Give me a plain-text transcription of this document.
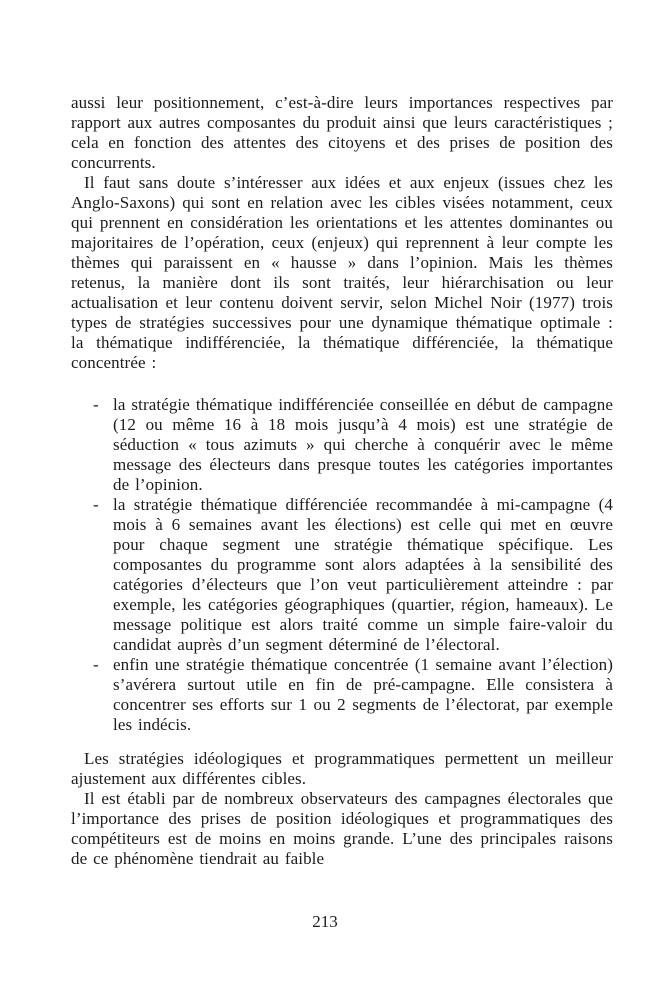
aussi leur positionnement, c’est-à-dire leurs importances respectives par rapport aux autres composantes du produit ainsi que leurs caractéristiques ; cela en fonction des attentes des citoyens et des prises de position des concurrents.

Il faut sans doute s’intéresser aux idées et aux enjeux (issues chez les Anglo-Saxons) qui sont en relation avec les cibles visées notamment, ceux qui prennent en considération les orientations et les attentes dominantes ou majoritaires de l’opération, ceux (enjeux) qui reprennent à leur compte les thèmes qui paraissent en « hausse » dans l’opinion. Mais les thèmes retenus, la manière dont ils sont traités, leur hiérarchisation ou leur actualisation et leur contenu doivent servir, selon Michel Noir (1977) trois types de stratégies successives pour une dynamique thématique optimale : la thématique indifférenciée, la thématique différenciée, la thématique concentrée :

- la stratégie thématique indifférenciée conseillée en début de campagne (12 ou même 16 à 18 mois jusqu’à 4 mois) est une stratégie de séduction « tous azimuts » qui cherche à conquérir avec le même message des électeurs dans presque toutes les catégories importantes de l’opinion.
- la stratégie thématique différenciée recommandée à mi-campagne (4 mois à 6 semaines avant les élections) est celle qui met en œuvre pour chaque segment une stratégie thématique spécifique. Les composantes du programme sont alors adaptées à la sensibilité des catégories d’électeurs que l’on veut particulièrement atteindre : par exemple, les catégories géographiques (quartier, région, hameaux). Le message politique est alors traité comme un simple faire-valoir du candidat auprès d’un segment déterminé de l’électoral.
- enfin une stratégie thématique concentrée (1 semaine avant l’élection) s’avérera surtout utile en fin de pré-campagne. Elle consistera à concentrer ses efforts sur 1 ou 2 segments de l’électorat, par exemple les indécis.

Les stratégies idéologiques et programmatiques permettent un meilleur ajustement aux différentes cibles.

Il est établi par de nombreux observateurs des campagnes électorales que l’importance des prises de position idéologiques et programmatiques des compétiteurs est de moins en moins grande. L’une des principales raisons de ce phénomène tiendrait au faible

213
